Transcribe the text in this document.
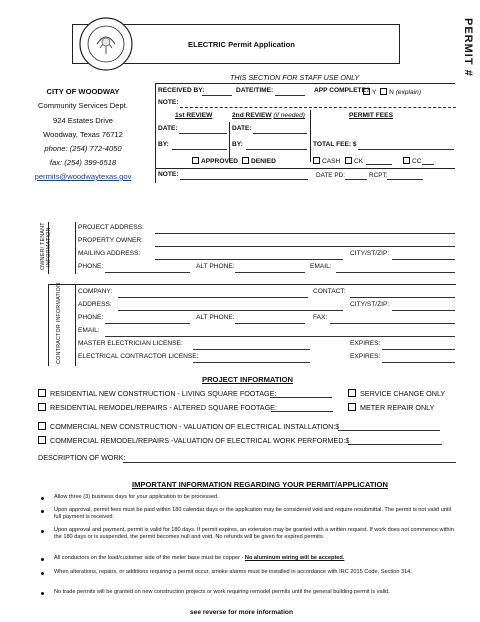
ELECTRIC Permit Application	PERMIT #
THIS SECTION FOR STAFF USE ONLY
RECEIVED BY:	DATE/TIME:	APP COMPLETE? Y N (explain)
NOTE:
1st REVIEW	2nd REVIEW (if needed)	PERMIT FEES
DATE:	DATE:
BY:	BY:	TOTAL FEE: $
APPROVED	DENIED	CASH	CK	CC
NOTE:	DATE PD:	RCPT:
CITY OF WOODWAY
Community Services Dept.
924 Estates Drive
Woodway, Texas 76712
phone: (254) 772-4050
fax: (254) 399-6518
permits@woodwaytexas.gov
OWNER/ TENANT INFORMATION	PROJECT ADDRESS:
PROPERTY OWNER:
MAILING ADDRESS:	CITY/ST/ZIP:
PHONE:	ALT PHONE:	EMAIL:
CONTRACTOR INFORMATION COMPANY:	CONTACT:
ADDRESS:	CITY/ST/ZIP:
PHONE:	ALT PHONE:	FAX:
EMAIL:
MASTER ELECTRICIAN LICENSE:	EXPIRES:
ELECTRICAL CONTRACTOR LICENSE:	EXPIRES:
PROJECT INFORMATION
RESIDENTIAL NEW CONSTRUCTION - LIVING SQUARE FOOTAGE:	SERVICE CHANGE ONLY
RESIDENTIAL REMODEL/REPAIRS - ALTERED SQUARE FOOTAGE:	METER REPAIR ONLY
COMMERCIAL NEW CONSTRUCTION - VALUATION OF ELECTRICAL INSTALLATION:$
COMMERCIAL REMODEL/REPAIRS -VALUATION OF ELECTRICAL WORK PERFORMED:$
DESCRIPTION OF WORK:
IMPORTANT INFORMATION REGARDING YOUR PERMIT/APPLICATION
Allow three (3) business days for your application to be processed.
Upon approval, permit fees must be paid within 180 calendar days or the application may be considered void and require resubmittal. The permit is not valid until full payment is received.
Upon approval and payment, permit is valid for 180 days. If permit expires, an extension may be granted with a written request. If work does not commence within the 180 days or is suspended, the permit becomes null and void. No refunds will be given for expired permits.
All conductors on the load/customer side of the meter base must be copper - No aluminum wiring will be accepted.
When alterations, repairs, or additions requiring a permit occur, smoke alarms must be installed in accordance with IRC 2015 Code, Section 314.
No trade permits will be granted on new construction projects or work requiring remodel permits until the general building permit is valid.
see reverse for more information
